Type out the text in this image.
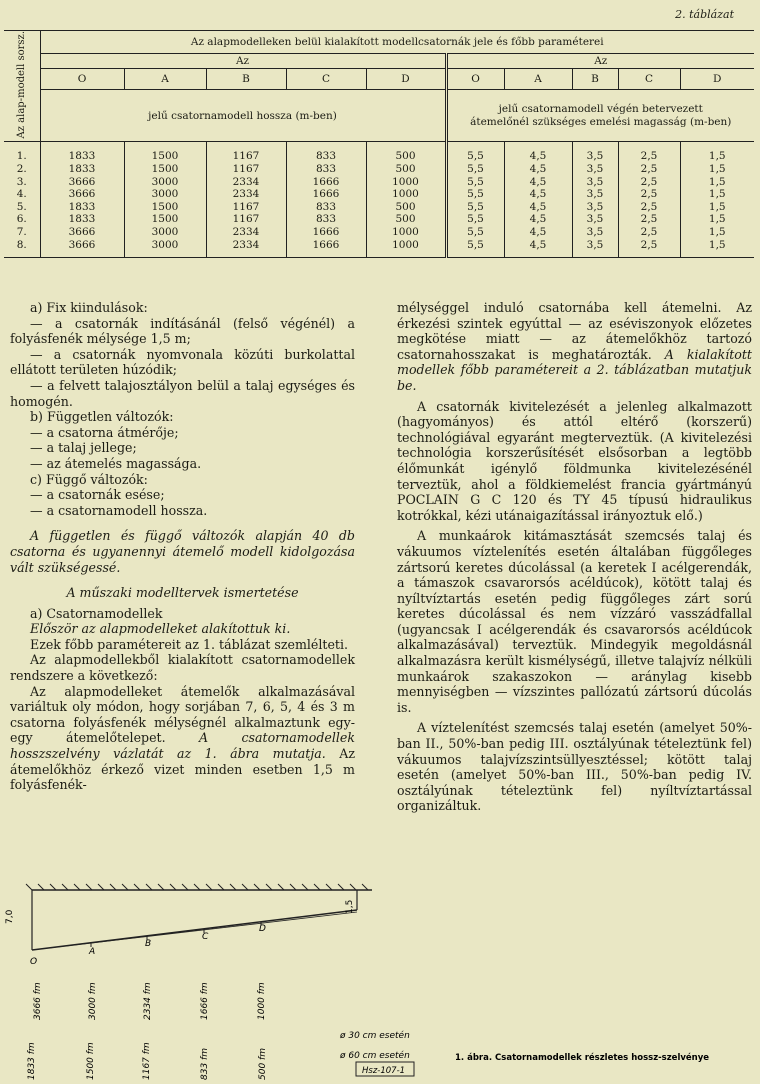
2. táblázat
Az alap-modell sorsz.	Az alapmodelleken belül kialakított modellcsatornák jele és főbb paraméterei									
	Az					Az				
	O	A	B	C	D	O	A	B	C	D
	jelű csatornamodell hossza (m-ben)					jelű csatornamodell végén betervezett
átemelőnél szükséges emelési magasság (m-ben)				
1.	1833	1500	1167	833	500	5,5	4,5	3,5	2,5	1,5
2.	1833	1500	1167	833	500	5,5	4,5	3,5	2,5	1,5
3.	3666	3000	2334	1666	1000	5,5	4,5	3,5	2,5	1,5
4.	3666	3000	2334	1666	1000	5,5	4,5	3,5	2,5	1,5
5.	1833	1500	1167	833	500	5,5	4,5	3,5	2,5	1,5
6.	1833	1500	1167	833	500	5,5	4,5	3,5	2,5	1,5
7.	3666	3000	2334	1666	1000	5,5	4,5	3,5	2,5	1,5
8.	3666	3000	2334	1666	1000	5,5	4,5	3,5	2,5	1,5

a) Fix kiindulások:

— a csatornák indításánál (felső végénél) a folyásfenék mélysége 1,5 m;

— a csatornák nyomvonala közúti burkolattal ellátott területen húzódik;

— a felvett talajosztályon belül a talaj egységes és homogén.

b) Független változók:

— a csatorna átmérője;

— a talaj jellege;

— az átemelés magassága.

c) Függő változók:

— a csatornák esése;

— a csatornamodell hossza.

A független és függő változók alapján 40 db csatorna és ugyanennyi átemelő modell kidolgozása vált szükségessé.

A műszaki modelltervek ismertetése

a) Csatornamodellek

Először az alapmodelleket alakítottuk ki.

Ezek főbb paramétereit az 1. táblázat szemlélteti.

Az alapmodellekből kialakított csatornamodellek rendszere a következő:

Az alapmodelleket átemelők alkalmazásával variáltuk oly módon, hogy sorjában 7, 6, 5, 4 és 3 m csatorna folyásfenék mélységnél alkalmaztunk egy-egy átemelőtelepet.	A csatornamodellek hosszszelvény vázlatát az 1. ábra mutatja. Az átemelőkhöz érkező vizet minden esetben 1,5 m folyásfenék-

mélységgel induló csatornába kell átemelni. Az érkezési szintek egyúttal — az eséviszonyok előzetes megkötése miatt — az átemelőkhöz tartozó csatornahosszakat is meghatározták. A kialakított modellek főbb paramétereit a 2. táblázatban mutatjuk be.

A csatornák kivitelezését a jelenleg alkalmazott (hagyományos) és attól eltérő (korszerű) technológiával egyaránt megterveztük. (A kivitelezési technológia korszerűsítését elsősorban a legtöbb élőmunkát igénylő földmunka kivitelezésénél terveztük, ahol a földkiemelést francia gyártmányú POCLAIN G C 120 és TY 45 típusú hidraulikus kotrókkal, kézi utánaigazítással irányoztuk elő.)

A munkaárok kitámasztását szemcsés talaj és vákuumos víztelenítés esetén általában függőleges zártsorú keretes dúcolással (a keretek I acélgerendák, a támaszok csavarorsós acéldúcok), kötött talaj és nyíltvíztartás esetén pedig függőleges zárt sorú keretes dúcolással és nem vízzáró vasszádfallal (ugyancsak I acélgerendák és csavarorsós acéldúcok alkalmazásával) terveztük. Mindegyik megoldásnál alkalmazásra került kismélységű, illetve talajvíz nélküli munkaárok szakaszokon — aránylag kisebb mennyiségben — vízszintes pallózatú zártsorú dúcolás is.

A víztelenítést szemcsés talaj esetén (amelyet 50%-ban II., 50%-ban pedig III. osztályúnak tételeztünk fel) vákuumos talajvízszintsüllyesztéssel; kötött talaj esetén (amelyet 50%-ban III., 50%-ban pedig IV. osztályúnak tételeztünk fel) nyíltvíztartással organizáltuk.

7,0
1,5
O
A
B
C
D
3666 fm	3000 fm	2334 fm	1666 fm	1000 fm
1833 fm	1500 fm	1167 fm	833 fm	500 fm
ø 30 cm esetén
ø 60 cm esetén
Hsz-107-1
1. ábra. Csatornamodellek részletes hossz-szelvénye
